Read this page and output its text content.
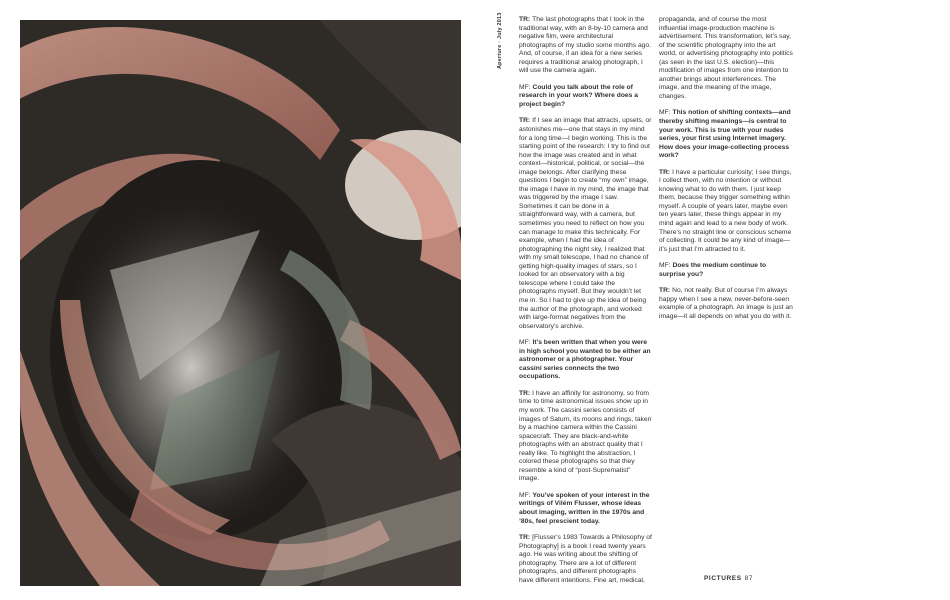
Aperture · July 2013 TR: The last photographs that I took in the traditional way, with an 8-by-10 camera and negative film, were architectural photographs of my studio some months ago. And, of course, if an idea for a new series requires a traditional analog photograph, I will use the camera again.

MF: Could you talk about the role of research in your work? Where does a project begin?

TR: If I see an image that attracts, upsets, or astonishes me—one that stays in my mind for a long time—I begin working. This is the starting point of the research: I try to find out how the image was created and in what context—historical, political, or social—the image belongs. After clarifying these questions I begin to create “my own” image, the image I have in my mind, the image that was triggered by the image I saw. Sometimes it can be done in a straightforward way, with a camera, but sometimes you need to reflect on how you can manage to make this technically. For example, when I had the idea of photographing the night sky, I realized that with my small telescope, I had no chance of getting high-quality images of stars, so I looked for an observatory with a big telescope where I could take the photographs myself. But they wouldn’t let me in. So I had to give up the idea of being the author of the photograph, and worked with large-format negatives from the observatory’s archive.

MF: It’s been written that when you were in high school you wanted to be either an astronomer or a photographer. Your cassini series connects the two occupations.

TR: I have an affinity for astronomy, so from time to time astronomical issues show up in my work. The cassini series consists of images of Saturn, its moons and rings, taken by a machine camera within the Cassini spacecraft. They are black-and-white photographs with an abstract quality that I really like. To highlight the abstraction, I colored these photographs so that they resemble a kind of “post-Suprematist” image.

MF: You’ve spoken of your interest in the writings of Vilém Flusser, whose ideas about imaging, written in the 1970s and ’80s, feel prescient today.

TR: [Flusser’s 1983 Towards a Philosophy of Photography] is a book I read twenty years ago. He was writing about the shifting of photography. There are a lot of different photographs, and different photographs have different intentions. Fine art, medical,

propaganda, and of course the most influential image-production machine is advertisement. This transformation, let’s say, of the scientific photography into the art world, or advertising photography into politics (as seen in the last U.S. election)—this modification of images from one intention to another brings about interferences. The image, and the meaning of the image, changes.

MF: This notion of shifting contexts—and thereby shifting meanings—is central to your work. This is true with your nudes series, your first using Internet imagery. How does your image-collecting process work?

TR: I have a particular curiosity; I see things, I collect them, with no intention or without knowing what to do with them. I just keep them, because they trigger something within myself. A couple of years later, maybe even ten years later, these things appear in my mind again and lead to a new body of work. There’s no straight line or conscious scheme of collecting. It could be any kind of image—it’s just that I’m attracted to it.

MF: Does the medium continue to surprise you?

TR: No, not really. But of course I’m always happy when I see a new, never-before-seen example of a photograph. An image is just an image—it all depends on what you do with it.

PICTURES 87
